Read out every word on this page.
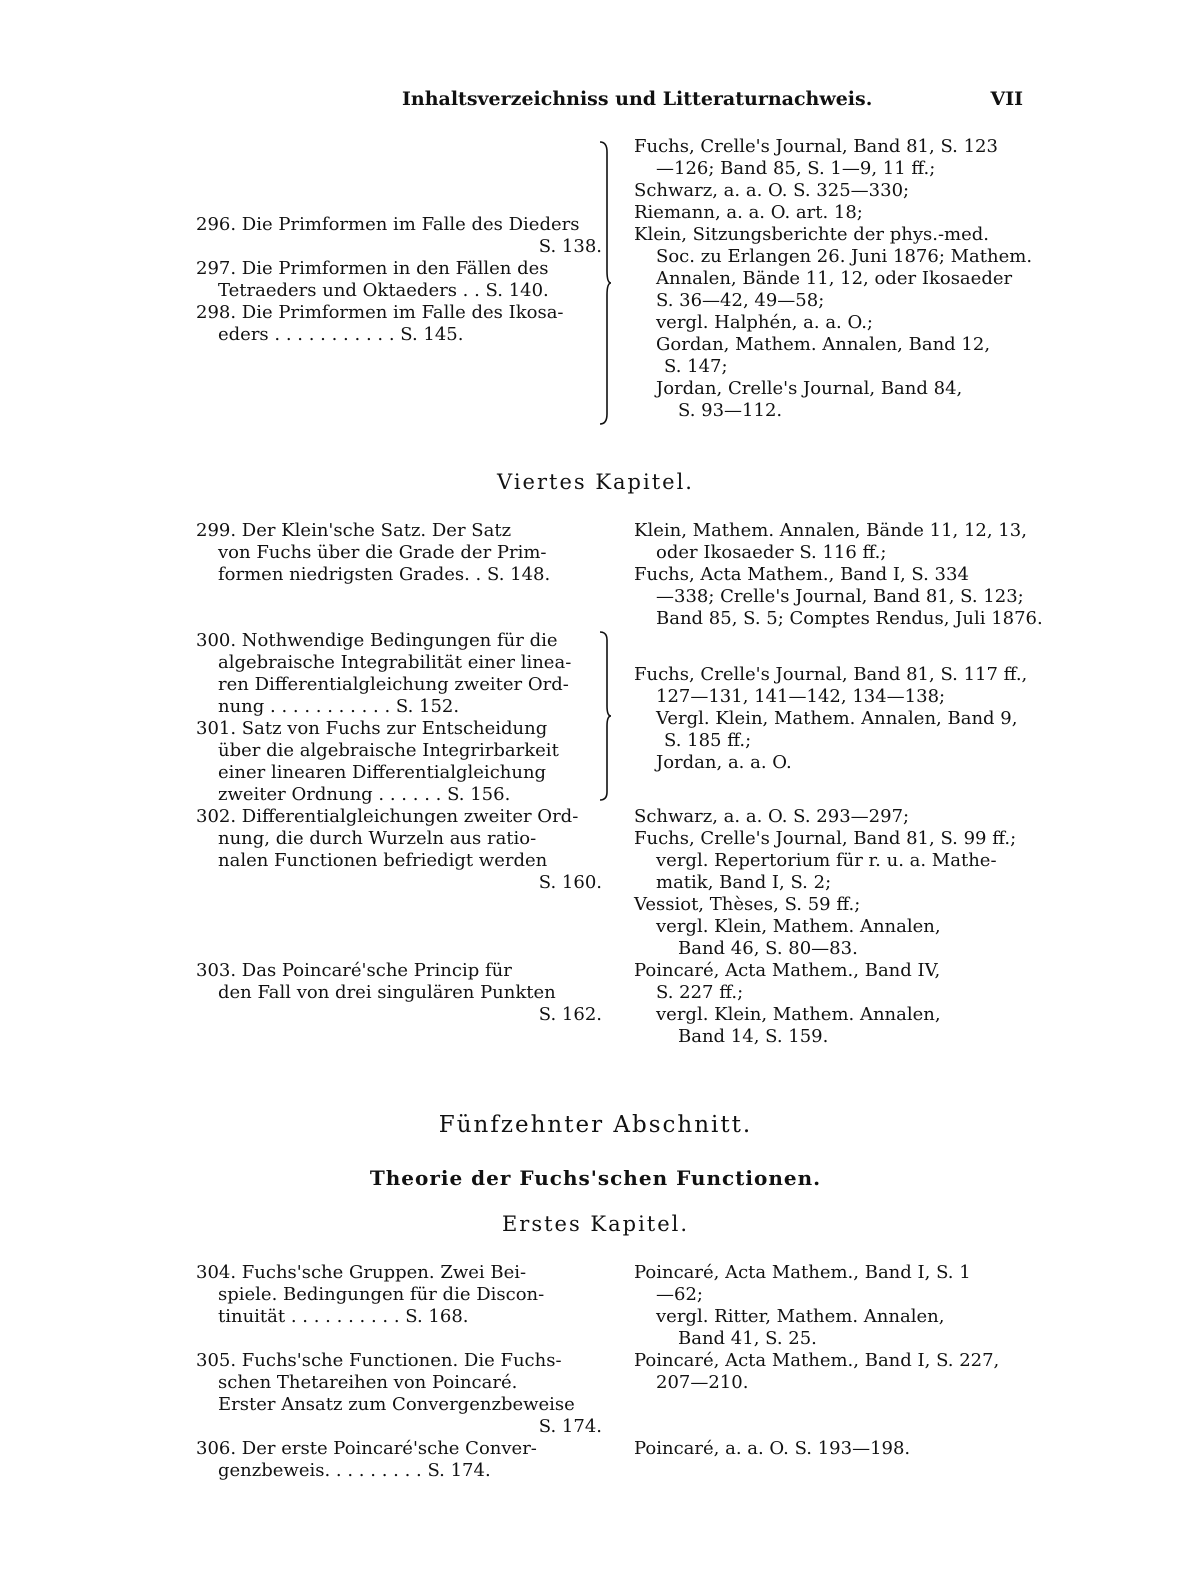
Inhaltsverzeichniss und Litteraturnachweis.	VII
296. Die Primformen im Falle des Dieders
S. 138.
297. Die Primformen in den Fällen des
Tetraeders und Oktaeders . . S. 140.
298. Die Primformen im Falle des Ikosa-
eders . . . . . . . . . . . S. 145.
Fuchs, Crelle's Journal, Band 81, S. 123
—126; Band 85, S. 1—9, 11 ff.;
Schwarz, a. a. O. S. 325—330;
Riemann, a. a. O. art. 18;
Klein, Sitzungsberichte der phys.-med.
Soc. zu Erlangen 26. Juni 1876; Mathem.
Annalen, Bände 11, 12, oder Ikosaeder
S. 36—42, 49—58;
vergl. Halphén, a. a. O.;
Gordan, Mathem. Annalen, Band 12,
S. 147;
Jordan, Crelle's Journal, Band 84,
S. 93—112.
Viertes Kapitel.
299. Der Klein'sche Satz. Der Satz
von Fuchs über die Grade der Prim-
formen niedrigsten Grades. . S. 148.
Klein, Mathem. Annalen, Bände 11, 12, 13,
oder Ikosaeder S. 116 ff.;
Fuchs, Acta Mathem., Band I, S. 334
—338; Crelle's Journal, Band 81, S. 123;
Band 85, S. 5; Comptes Rendus, Juli 1876.
300. Nothwendige Bedingungen für die
algebraische Integrabilität einer linea-
ren Differentialgleichung zweiter Ord-
nung . . . . . . . . . . . S. 152.
301. Satz von Fuchs zur Entscheidung
über die algebraische Integrirbarkeit
einer linearen Differentialgleichung
zweiter Ordnung . . . . . . S. 156.
Fuchs, Crelle's Journal, Band 81, S. 117 ff.,
127—131, 141—142, 134—138;
Vergl. Klein, Mathem. Annalen, Band 9,
S. 185 ff.;
Jordan, a. a. O.
302. Differentialgleichungen zweiter Ord-
nung, die durch Wurzeln aus ratio-
nalen Functionen befriedigt werden
S. 160.
Schwarz, a. a. O. S. 293—297;
Fuchs, Crelle's Journal, Band 81, S. 99 ff.;
vergl. Repertorium für r. u. a. Mathe-
matik, Band I, S. 2;
Vessiot, Thèses, S. 59 ff.;
vergl. Klein, Mathem. Annalen,
Band 46, S. 80—83.
303. Das Poincaré'sche Princip für
den Fall von drei singulären Punkten
S. 162.
Poincaré, Acta Mathem., Band IV,
S. 227 ff.;
vergl. Klein, Mathem. Annalen,
Band 14, S. 159.
Fünfzehnter Abschnitt.
Theorie der Fuchs'schen Functionen.
Erstes Kapitel.
304. Fuchs'sche Gruppen. Zwei Bei-
spiele. Bedingungen für die Discon-
tinuität . . . . . . . . . . S. 168.
Poincaré, Acta Mathem., Band I, S. 1
—62;
vergl. Ritter, Mathem. Annalen,
Band 41, S. 25.
305. Fuchs'sche Functionen. Die Fuchs-
schen Thetareihen von Poincaré.
Erster Ansatz zum Convergenzbeweise
S. 174.
Poincaré, Acta Mathem., Band I, S. 227,
207—210.
306. Der erste Poincaré'sche Conver-
genzbeweis. . . . . . . . . S. 174.
Poincaré, a. a. O. S. 193—198.
